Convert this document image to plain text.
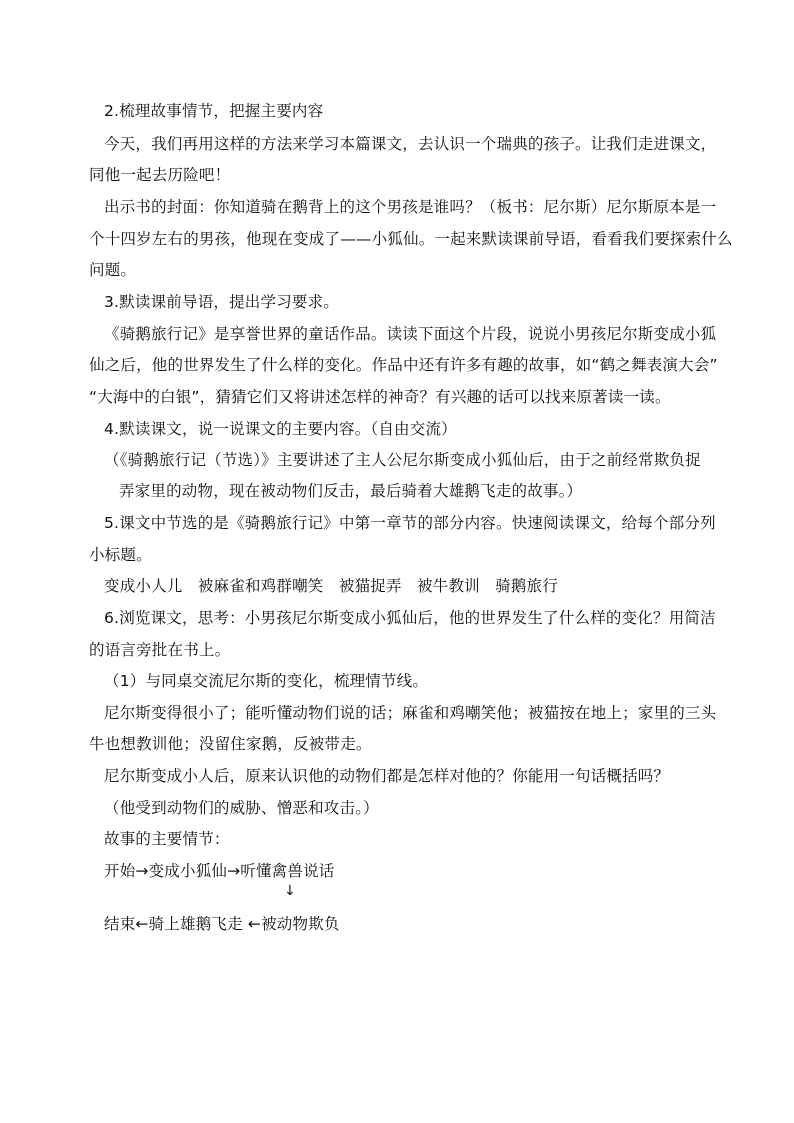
2.梳理故事情节，把握主要内容
今天，我们再用这样的方法来学习本篇课文，去认识一个瑞典的孩子。让我们走进课文，
同他一起去历险吧！
出示书的封面：你知道骑在鹅背上的这个男孩是谁吗？（板书：尼尔斯）尼尔斯原本是一
个十四岁左右的男孩，他现在变成了——小狐仙。一起来默读课前导语，看看我们要探索什么
问题。
3.默读课前导语，提出学习要求。
《骑鹅旅行记》是享誉世界的童话作品。读读下面这个片段，说说小男孩尼尔斯变成小狐
仙之后，他的世界发生了什么样的变化。作品中还有许多有趣的故事，如“鹤之舞表演大会”
“大海中的白银”，猜猜它们又将讲述怎样的神奇？有兴趣的话可以找来原著读一读。
4.默读课文，说一说课文的主要内容。（自由交流）
（《骑鹅旅行记（节选）》主要讲述了主人公尼尔斯变成小狐仙后，由于之前经常欺负捉
弄家里的动物，现在被动物们反击，最后骑着大雄鹅飞走的故事。）
5.课文中节选的是《骑鹅旅行记》中第一章节的部分内容。快速阅读课文，给每个部分列
小标题。
变成小人儿   被麻雀和鸡群嘲笑   被猫捉弄   被牛教训   骑鹅旅行
6.浏览课文，思考：小男孩尼尔斯变成小狐仙后，他的世界发生了什么样的变化？用简洁
的语言旁批在书上。
（1）与同桌交流尼尔斯的变化，梳理情节线。
尼尔斯变得很小了；能听懂动物们说的话；麻雀和鸡嘲笑他；被猫按在地上；家里的三头
牛也想教训他；没留住家鹅，反被带走。
尼尔斯变成小人后，原来认识他的动物们都是怎样对他的？你能用一句话概括吗？
（他受到动物们的威胁、憎恶和攻击。）
故事的主要情节：
开始→变成小狐仙→听懂禽兽说话
↓
结束←骑上雄鹅飞走 ←被动物欺负
